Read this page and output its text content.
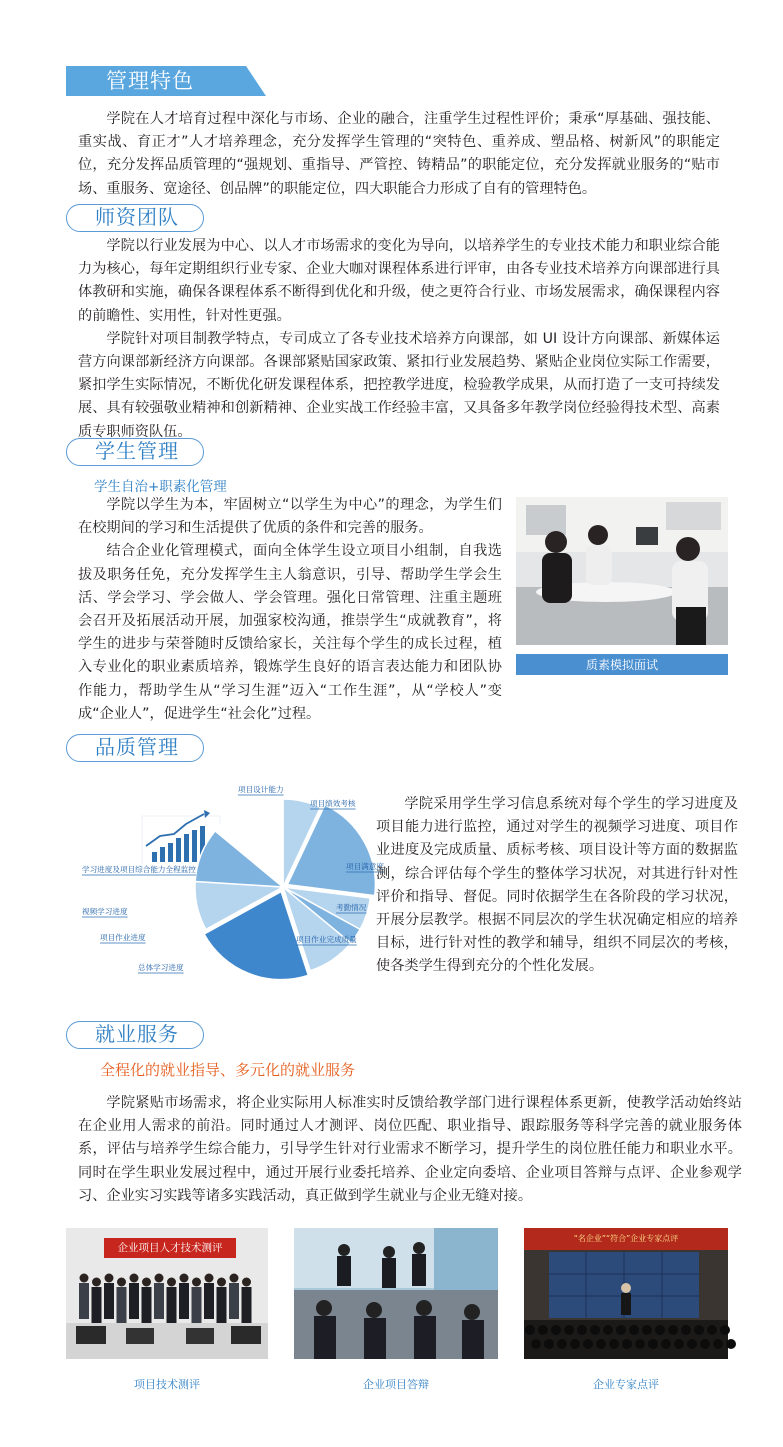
管理特色

学院在人才培育过程中深化与市场、企业的融合，注重学生过程性评价；秉承“厚基础、强技能、重实战、育正才”人才培养理念，充分发挥学生管理的“突特色、重养成、塑品格、树新风”的职能定位，充分发挥品质管理的“强规划、重指导、严管控、铸精品”的职能定位，充分发挥就业服务的“贴市场、重服务、宽途径、创品牌”的职能定位，四大职能合力形成了自有的管理特色。

师资团队

学院以行业发展为中心、以人才市场需求的变化为导向，以培养学生的专业技术能力和职业综合能力为核心，每年定期组织行业专家、企业大咖对课程体系进行评审，由各专业技术培养方向课部进行具体教研和实施，确保各课程体系不断得到优化和升级，使之更符合行业、市场发展需求，确保课程内容的前瞻性、实用性，针对性更强。

学院针对项目制教学特点，专司成立了各专业技术培养方向课部，如 UI 设计方向课部、新媒体运营方向课部新经济方向课部。各课部紧贴国家政策、紧扣行业发展趋势、紧贴企业岗位实际工作需要，紧扣学生实际情况，不断优化研发课程体系，把控教学进度，检验教学成果，从而打造了一支可持续发展、具有较强敬业精神和创新精神、企业实战工作经验丰富，又具备多年教学岗位经验得技术型、高素质专职师资队伍。

学生管理
学生自治+职素化管理

学院以学生为本，牢固树立“以学生为中心”的理念，为学生们在校期间的学习和生活提供了优质的条件和完善的服务。

结合企业化管理模式，面向全体学生设立项目小组制，自我选拔及职务任免，充分发挥学生主人翁意识，引导、帮助学生学会生活、学会学习、学会做人、学会管理。强化日常管理、注重主题班会召开及拓展活动开展，加强家校沟通，推崇学生“成就教育”，将学生的进步与荣誉随时反馈给家长，关注每个学生的成长过程，植入专业化的职业素质培养，锻炼学生良好的语言表达能力和团队协作能力，帮助学生从“学习生涯”迈入“工作生涯”，从“学校人”变成“企业人”，促进学生“社会化”过程。

质素模拟面试
品质管理
项目设计能力
项目绩效考核
项目满意度
考勤情况
项目作业完成质量
总体学习进度
项目作业进度
视频学习进度
学习进度及项目综合能力全程监控

学院采用学生学习信息系统对每个学生的学习进度及项目能力进行监控，通过对学生的视频学习进度、项目作业进度及完成质量、质标考核、项目设计等方面的数据监测，综合评估每个学生的整体学习状况，对其进行针对性评价和指导、督促。同时依据学生在各阶段的学习状况，开展分层教学。根据不同层次的学生状况确定相应的培养目标，进行针对性的教学和辅导，组织不同层次的考核，使各类学生得到充分的个性化发展。

就业服务
全程化的就业指导、多元化的就业服务

学院紧贴市场需求，将企业实际用人标准实时反馈给教学部门进行课程体系更新，使教学活动始终站在企业用人需求的前沿。同时通过人才测评、岗位匹配、职业指导、跟踪服务等科学完善的就业服务体系，评估与培养学生综合能力，引导学生针对行业需求不断学习，提升学生的岗位胜任能力和职业水平。同时在学生职业发展过程中，通过开展行业委托培养、企业定向委培、企业项目答辩与点评、企业参观学习、企业实习实践等诸多实践活动，真正做到学生就业与企业无缝对接。

企业项目人才技术测评
项目技术测评	企业项目答辩
“名企业”“符合”企业专家点评
企业专家点评
